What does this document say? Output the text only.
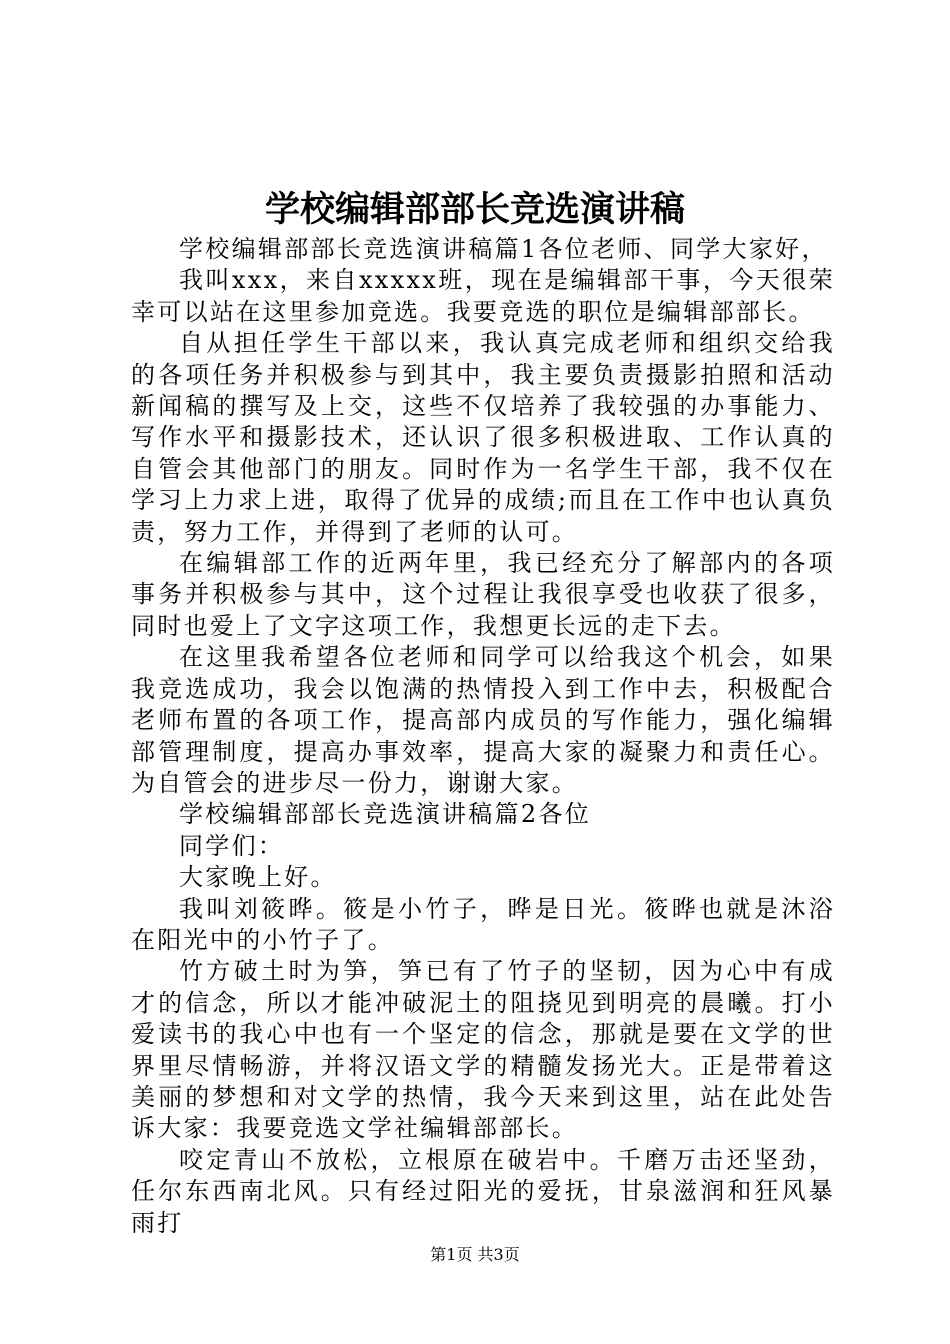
学校编辑部部长竞选演讲稿

学校编辑部部长竞选演讲稿篇1各位老师、同学大家好，

我叫xxx，来自xxxxx班，现在是编辑部干事，今天很荣幸可以站在这里参加竞选。我要竞选的职位是编辑部部长。

自从担任学生干部以来，我认真完成老师和组织交给我的各项任务并积极参与到其中，我主要负责摄影拍照和活动新闻稿的撰写及上交，这些不仅培养了我较强的办事能力、写作水平和摄影技术，还认识了很多积极进取、工作认真的自管会其他部门的朋友。同时作为一名学生干部，我不仅在学习上力求上进，取得了优异的成绩;而且在工作中也认真负责，努力工作，并得到了老师的认可。

在编辑部工作的近两年里，我已经充分了解部内的各项事务并积极参与其中，这个过程让我很享受也收获了很多，同时也爱上了文字这项工作，我想更长远的走下去。

在这里我希望各位老师和同学可以给我这个机会，如果我竞选成功，我会以饱满的热情投入到工作中去，积极配合老师布置的各项工作，提高部内成员的写作能力，强化编辑部管理制度，提高办事效率，提高大家的凝聚力和责任心。为自管会的进步尽一份力，谢谢大家。

学校编辑部部长竞选演讲稿篇2各位

同学们：

大家晚上好。

我叫刘筱晔。筱是小竹子，晔是日光。筱晔也就是沐浴在阳光中的小竹子了。

竹方破土时为笋，笋已有了竹子的坚韧，因为心中有成才的信念，所以才能冲破泥土的阻挠见到明亮的晨曦。打小爱读书的我心中也有一个坚定的信念，那就是要在文学的世界里尽情畅游，并将汉语文学的精髓发扬光大。正是带着这美丽的梦想和对文学的热情，我今天来到这里，站在此处告诉大家：我要竞选文学社编辑部部长。

咬定青山不放松，立根原在破岩中。千磨万击还坚劲，任尔东西南北风。只有经过阳光的爱抚，甘泉滋润和狂风暴雨打

第1页 共3页
